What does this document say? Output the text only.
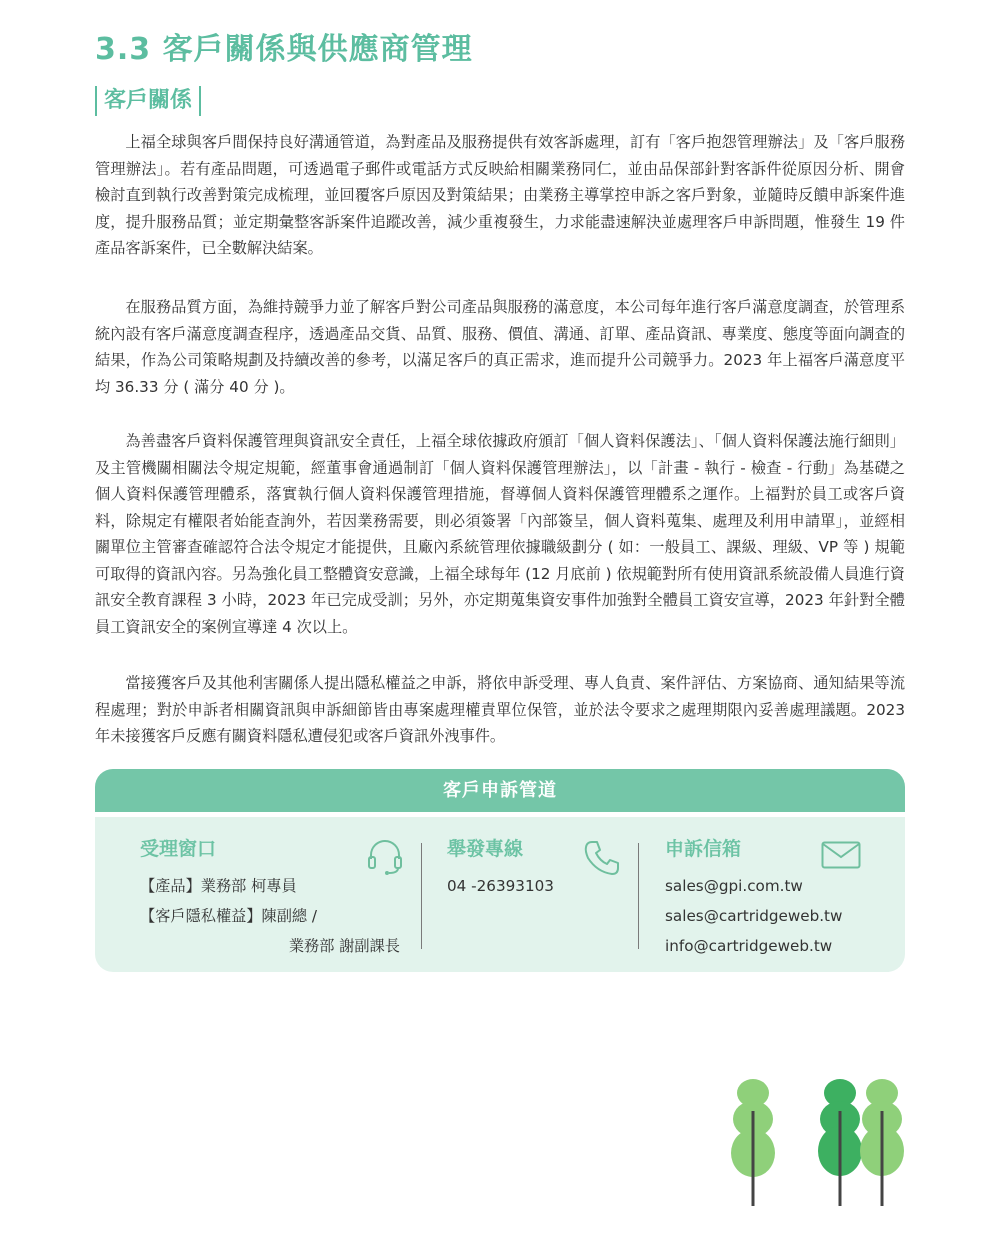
3.3 客戶關係與供應商管理
客戶關係

上福全球與客戶間保持良好溝通管道，為對產品及服務提供有效客訴處理，訂有「客戶抱怨管理辦法」及「客戶服務管理辦法」。若有產品問題，可透過電子郵件或電話方式反映給相關業務同仁，並由品保部針對客訴件從原因分析、開會檢討直到執行改善對策完成梳理，並回覆客戶原因及對策結果；由業務主導掌控申訴之客戶對象，並隨時反饋申訴案件進度，提升服務品質；並定期彙整客訴案件追蹤改善，減少重複發生，力求能盡速解決並處理客戶申訴問題，惟發生 19 件產品客訴案件，已全數解決結案。

在服務品質方面，為維持競爭力並了解客戶對公司產品與服務的滿意度，本公司每年進行客戶滿意度調查，於管理系統內設有客戶滿意度調查程序，透過產品交貨、品質、服務、價值、溝通、訂單、產品資訊、專業度、態度等面向調查的結果，作為公司策略規劃及持續改善的參考，以滿足客戶的真正需求，進而提升公司競爭力。2023 年上福客戶滿意度平均 36.33 分 ( 滿分 40 分 )。

為善盡客戶資料保護管理與資訊安全責任，上福全球依據政府頒訂「個人資料保護法」、「個人資料保護法施行細則」及主管機關相關法令規定規範，經董事會通過制訂「個人資料保護管理辦法」，以「計畫 - 執行 - 檢查 - 行動」為基礎之個人資料保護管理體系，落實執行個人資料保護管理措施，督導個人資料保護管理體系之運作。上福對於員工或客戶資料，除規定有權限者始能查詢外，若因業務需要，則必須簽署「內部簽呈，個人資料蒐集、處理及利用申請單」，並經相關單位主管審查確認符合法令規定才能提供，且廠內系統管理依據職級劃分 ( 如：一般員工、課級、理級、VP 等 ) 規範可取得的資訊內容。另為強化員工整體資安意識，上福全球每年 (12 月底前 ) 依規範對所有使用資訊系統設備人員進行資訊安全教育課程 3 小時，2023 年已完成受訓；另外，亦定期蒐集資安事件加強對全體員工資安宣導，2023 年針對全體員工資訊安全的案例宣導達 4 次以上。

當接獲客戶及其他利害關係人提出隱私權益之申訴，將依申訴受理、專人負責、案件評估、方案協商、通知結果等流程處理；對於申訴者相關資訊與申訴細節皆由專案處理權責單位保管，並於法令要求之處理期限內妥善處理議題。2023 年未接獲客戶反應有關資料隱私遭侵犯或客戶資訊外洩事件。

客戶申訴管道
受理窗口
【產品】業務部 柯專員
【客戶隱私權益】陳副總 /
業務部 謝副課長
舉發專線
04 -26393103
申訴信箱
sales@gpi.com.tw
sales@cartridgeweb.tw
info@cartridgeweb.tw
